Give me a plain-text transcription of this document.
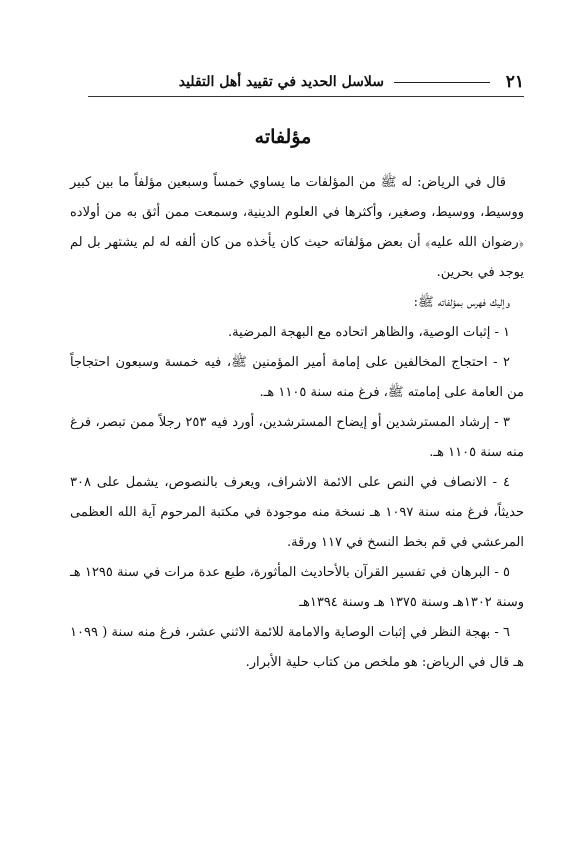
٢١
سلاسل الحديد في تقييد أهل التقليد
مؤلفاته

قال في الرياض: له ﷺ من المؤلفات ما يساوي خمساً وسبعين مؤلفاً ما بين كبير ووسيط، ووسيط، وصغير، وأكثرها في العلوم الدينية، وسمعت ممن أثق به من أولاده ﴿رضوان الله عليه﴾ أن بعض مؤلفاته حيث كان يأخذه من كان ألفه له لم يشتهر بل لم يوجد في بحرين.

وإليك فهرس بمؤلفاته ﷺ:

١ - إثبات الوصية، والظاهر اتحاده مع البهجة المرضية.

٢ - احتجاج المخالفين على إمامة أمير المؤمنين ﷺ، فيه خمسة وسبعون احتجاجاً من العامة على إمامته ﷺ، فرغ منه سنة ١١٠٥ هـ.

٣ - إرشاد المسترشدين أو إيضاح المسترشدين، أورد فيه ٢٥٣ رجلاً ممن تبصر، فرغ منه سنة ١١٠٥ هـ.

٤ - الانصاف في النص على الائمة الاشراف، ويعرف بالنصوص، يشمل على ٣٠٨ حديثاً، فرغ منه سنة ١٠٩٧ هـ نسخة منه موجودة في مكتبة المرحوم آية الله العظمى المرعشي في قم بخط النسخ في ١١٧ ورقة.

٥ - البرهان في تفسير القرآن بالأحاديث المأثورة، طبع عدة مرات في سنة ١٢٩٥ هـ وسنة ١٣٠٢هـ وسنة ١٣٧٥ هـ وسنة ١٣٩٤هـ

٦ - بهجة النظر في إثبات الوصاية والامامة للائمة الاثني عشر، فرغ منه سنة ( ١٠٩٩ هـ قال في الرياض: هو ملخص من كتاب حلية الأبرار.
